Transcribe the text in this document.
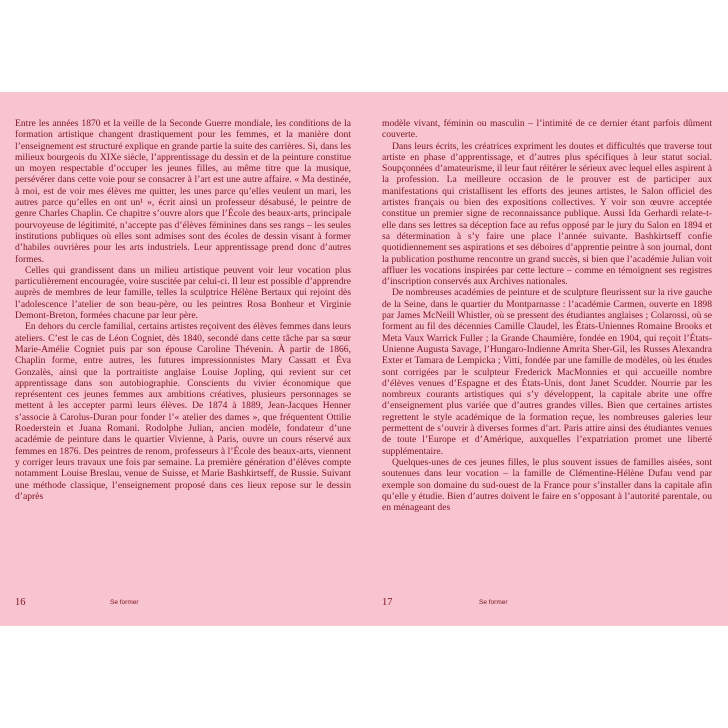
Entre les années 1870 et la veille de la Seconde Guerre mondiale, les conditions de la formation artistique changent drastiquement pour les femmes, et la manière dont l’enseignement est structuré explique en grande partie la suite des carrières. Si, dans les milieux bourgeois du XIXe siècle, l’apprentissage du dessin et de la peinture constitue un moyen respectable d’occuper les jeunes filles, au même titre que la musique, persévérer dans cette voie pour se consacrer à l’art est une autre affaire. « Ma destinée, à moi, est de voir mes élèves me quitter, les unes parce qu’elles veulent un mari, les autres parce qu’elles en ont un¹ », écrit ainsi un professeur désabusé, le peintre de genre Charles Chaplin. Ce chapitre s’ouvre alors que l’École des beaux-arts, principale pourvoyeuse de légitimité, n’accepte pas d’élèves féminines dans ses rangs – les seules institutions publiques où elles sont admises sont des écoles de dessin visant à former d’habiles ouvrières pour les arts industriels. Leur apprentissage prend donc d’autres formes.

Celles qui grandissent dans un milieu artistique peuvent voir leur vocation plus particulièrement encouragée, voire suscitée par celui-ci. Il leur est possible d’apprendre auprès de membres de leur famille, telles la sculptrice Hélène Bertaux qui rejoint dès l’adolescence l’atelier de son beau-père, ou les peintres Rosa Bonheur et Virginie Demont-Breton, formées chacune par leur père.

En dehors du cercle familial, certains artistes reçoivent des élèves femmes dans leurs ateliers. C’est le cas de Léon Cogniet, dès 1840, secondé dans cette tâche par sa sœur Marie-Amélie Cogniet puis par son épouse Caroline Thévenin. À partir de 1866, Chaplin forme, entre autres, les futures impressionnistes Mary Cassatt et Éva Gonzalès, ainsi que la portraitiste anglaise Louise Jopling, qui revient sur cet apprentissage dans son autobiographie. Conscients du vivier économique que représentent ces jeunes femmes aux ambitions créatives, plusieurs personnages se mettent à les accepter parmi leurs élèves. De 1874 à 1889, Jean-Jacques Henner s’associe à Carolus-Duran pour fonder l’« atelier des dames », que fréquentent Ottilie Roederstein et Juana Romani. Rodolphe Julian, ancien modèle, fondateur d’une académie de peinture dans le quartier Vivienne, à Paris, ouvre un cours réservé aux femmes en 1876. Des peintres de renom, professeurs à l’École des beaux-arts, viennent y corriger leurs travaux une fois par semaine. La première génération d’élèves compte notamment Louise Breslau, venue de Suisse, et Marie Bashkirtseff, de Russie. Suivant une méthode classique, l’enseignement proposé dans ces lieux repose sur le dessin d’après

16	Se former

modèle vivant, féminin ou masculin – l’intimité de ce dernier étant parfois dûment couverte.

Dans leurs écrits, les créatrices expriment les doutes et difficultés que traverse tout artiste en phase d’apprentissage, et d’autres plus spécifiques à leur statut social. Soupçonnées d’amateurisme, il leur faut réitérer le sérieux avec lequel elles aspirent à la profession. La meilleure occasion de le prouver est de participer aux manifestations qui cristallisent les efforts des jeunes artistes, le Salon officiel des artistes français ou bien des expositions collectives. Y voir son œuvre acceptée constitue un premier signe de reconnaissance publique. Aussi Ida Gerhardi relate-t-elle dans ses lettres sa déception face au refus opposé par le jury du Salon en 1894 et sa détermination à s’y faire une place l’année suivante. Bashkirtseff confie quotidiennement ses aspirations et ses déboires d’apprentie peintre à son journal, dont la publication posthume rencontre un grand succès, si bien que l’académie Julian voit affluer les vocations inspirées par cette lecture – comme en témoignent ses registres d’inscription conservés aux Archives nationales.

De nombreuses académies de peinture et de sculpture fleurissent sur la rive gauche de la Seine, dans le quartier du Montparnasse : l’académie Carmen, ouverte en 1898 par James McNeill Whistler, où se pressent des étudiantes anglaises ; Colarossi, où se forment au fil des décennies Camille Claudel, les États-Uniennes Romaine Brooks et Meta Vaux Warrick Fuller ; la Grande Chaumière, fondée en 1904, qui reçoit l’États-Unienne Augusta Savage, l’Hungaro-Indienne Amrita Sher-Gil, les Russes Alexandra Exter et Tamara de Lempicka ; Vitti, fondée par une famille de modèles, où les études sont corrigées par le sculpteur Frederick MacMonnies et qui accueille nombre d’élèves venues d’Espagne et des États-Unis, dont Janet Scudder. Nourrie par les nombreux courants artistiques qui s’y développent, la capitale abrite une offre d’enseignement plus variée que d’autres grandes villes. Bien que certaines artistes regrettent le style académique de la formation reçue, les nombreuses galeries leur permettent de s’ouvrir à diverses formes d’art. Paris attire ainsi des étudiantes venues de toute l’Europe et d’Amérique, auxquelles l’expatriation promet une liberté supplémentaire.

Quelques-unes de ces jeunes filles, le plus souvent issues de familles aisées, sont soutenues dans leur vocation – la famille de Clémentine-Hélène Dufau vend par exemple son domaine du sud-ouest de la France pour s’installer dans la capitale afin qu’elle y étudie. Bien d’autres doivent le faire en s’opposant à l’autorité parentale, ou en ménageant des

17	Se former
